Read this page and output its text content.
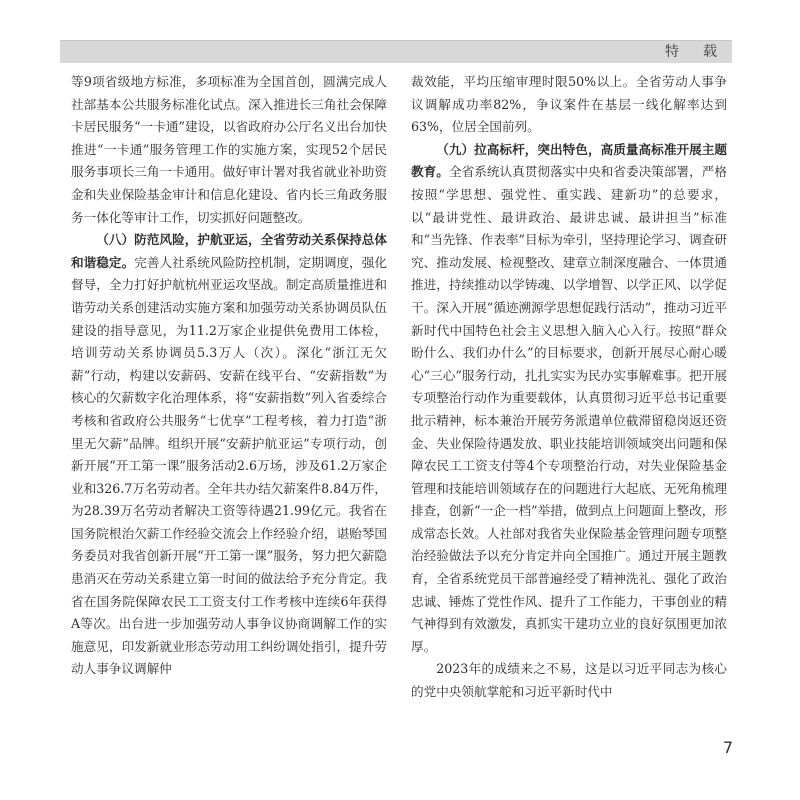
特　载

等9项省级地方标准，多项标准为全国首创，圆满完成人社部基本公共服务标准化试点。深入推进长三角社会保障卡居民服务“一卡通”建设，以省政府办公厅名义出台加快推进“一卡通”服务管理工作的实施方案，实现52个居民服务事项长三角一卡通用。做好审计署对我省就业补助资金和失业保险基金审计和信息化建设、省内长三角政务服务一体化等审计工作，切实抓好问题整改。

（八）防范风险，护航亚运，全省劳动关系保持总体和谐稳定。完善人社系统风险防控机制，定期调度，强化督导，全力打好护航杭州亚运攻坚战。制定高质量推进和谐劳动关系创建活动实施方案和加强劳动关系协调员队伍建设的指导意见，为11.2万家企业提供免费用工体检，培训劳动关系协调员5.3万人（次）。深化“浙江无欠薪”行动，构建以安薪码、安薪在线平台、“安薪指数”为核心的欠薪数字化治理体系，将“安薪指数”列入省委综合考核和省政府公共服务“七优享”工程考核，着力打造“浙里无欠薪”品牌。组织开展“安薪护航亚运”专项行动，创新开展“开工第一课”服务活动2.6万场，涉及61.2万家企业和326.7万名劳动者。全年共办结欠薪案件8.84万件，为28.39万名劳动者解决工资等待遇21.99亿元。我省在国务院根治欠薪工作经验交流会上作经验介绍，谌贻琴国务委员对我省创新开展“开工第一课”服务，努力把欠薪隐患消灭在劳动关系建立第一时间的做法给予充分肯定。我省在国务院保障农民工工资支付工作考核中连续6年获得A等次。出台进一步加强劳动人事争议协商调解工作的实施意见，印发新就业形态劳动用工纠纷调处指引，提升劳动人事争议调解仲

裁效能，平均压缩审理时限50%以上。全省劳动人事争议调解成功率82%，争议案件在基层一线化解率达到63%，位居全国前列。

（九）拉高标杆，突出特色，高质量高标准开展主题教育。全省系统认真贯彻落实中央和省委决策部署，严格按照“学思想、强党性、重实践、建新功”的总要求，以“最讲党性、最讲政治、最讲忠诚、最讲担当”标准和“当先锋、作表率”目标为牵引，坚持理论学习、调查研究、推动发展、检视整改、建章立制深度融合、一体贯通推进，持续推动以学铸魂、以学增智、以学正风、以学促干。深入开展“循迹溯源学思想促践行活动”，推动习近平新时代中国特色社会主义思想入脑入心入行。按照“群众盼什么、我们办什么”的目标要求，创新开展尽心耐心暖心“三心”服务行动，扎扎实实为民办实事解难事。把开展专项整治行动作为重要载体，认真贯彻习近平总书记重要批示精神，标本兼治开展劳务派遣单位截滞留稳岗返还资金、失业保险待遇发放、职业技能培训领域突出问题和保障农民工工资支付等4个专项整治行动，对失业保险基金管理和技能培训领域存在的问题进行大起底、无死角梳理排查，创新“一企一档”举措，做到点上问题面上整改，形成常态长效。人社部对我省失业保险基金管理问题专项整治经验做法予以充分肯定并向全国推广。通过开展主题教育，全省系统党员干部普遍经受了精神洗礼、强化了政治忠诚、锤炼了党性作风、提升了工作能力，干事创业的精气神得到有效激发，真抓实干建功立业的良好氛围更加浓厚。

2023年的成绩来之不易，这是以习近平同志为核心的党中央领航掌舵和习近平新时代中

7
